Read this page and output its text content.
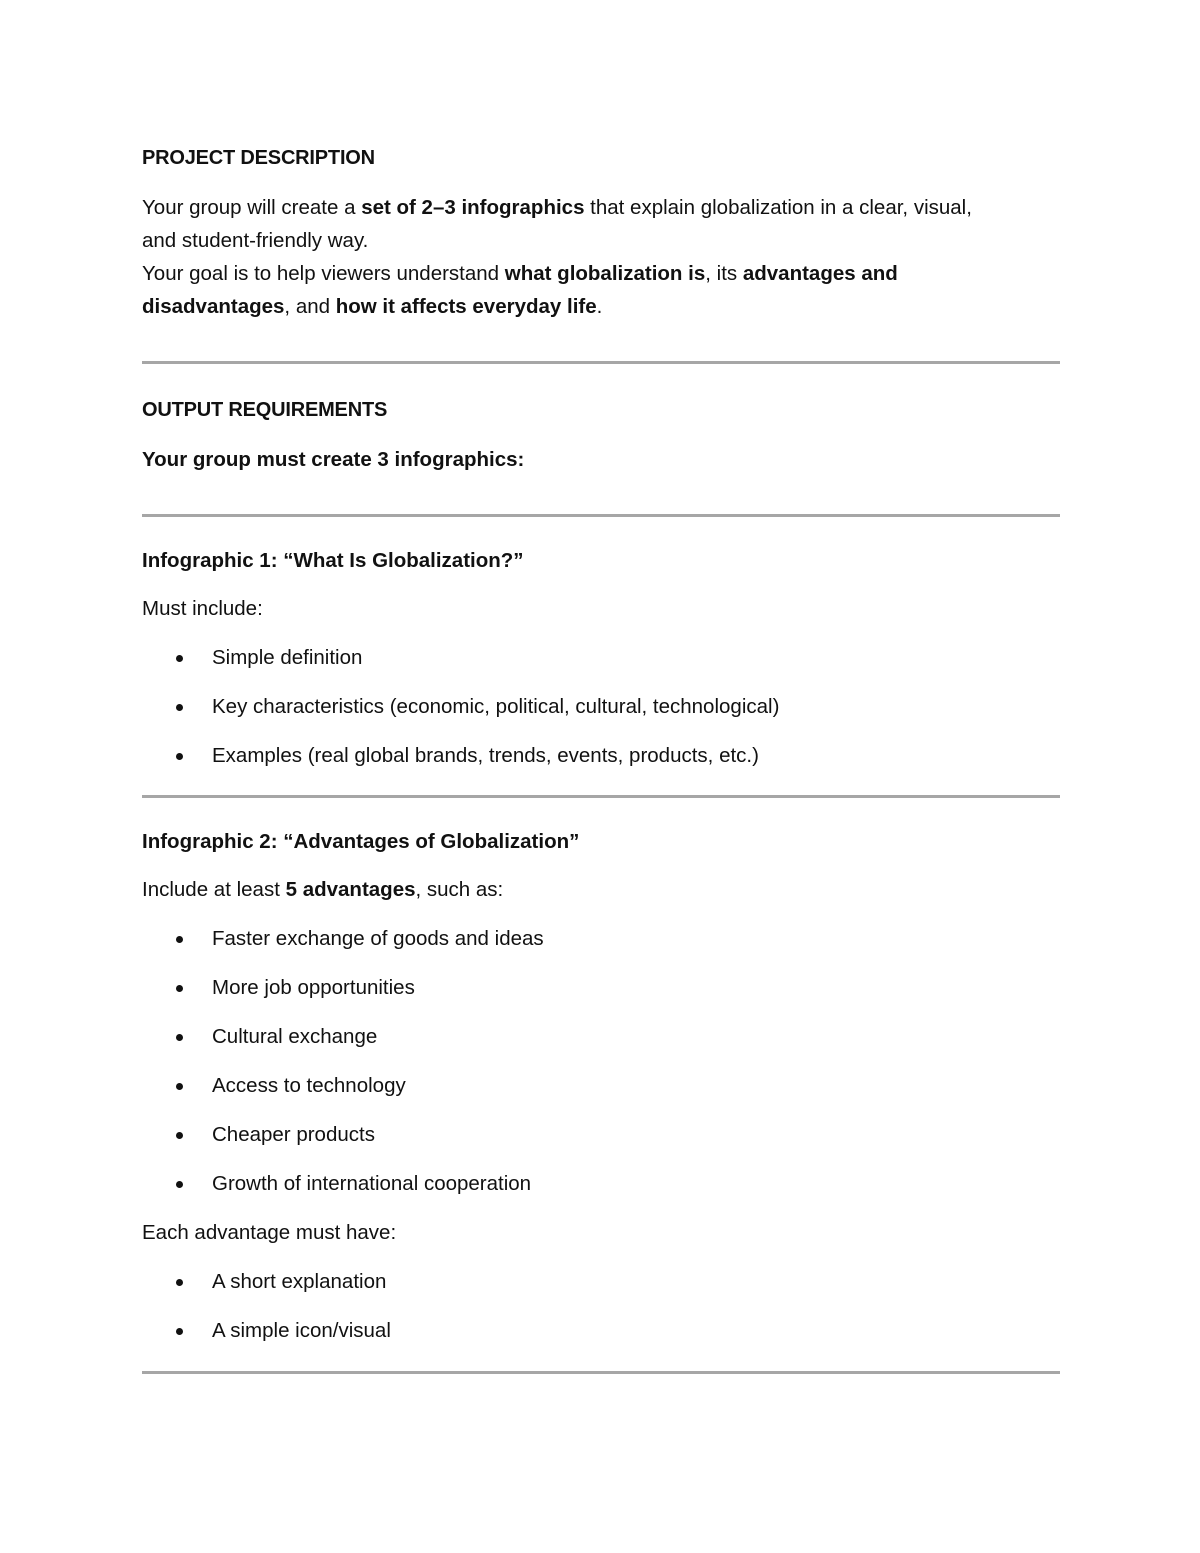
PROJECT DESCRIPTION

Your group will create a set of 2–3 infographics that explain globalization in a clear, visual,

and student-friendly way.

Your goal is to help viewers understand what globalization is, its advantages and

disadvantages, and how it affects everyday life.

OUTPUT REQUIREMENTS

Your group must create 3 infographics:

Infographic 1: “What Is Globalization?”

Must include:

Simple definition
Key characteristics (economic, political, cultural, technological)
Examples (real global brands, trends, events, products, etc.)

Infographic 2: “Advantages of Globalization”

Include at least 5 advantages, such as:

Faster exchange of goods and ideas
More job opportunities
Cultural exchange
Access to technology
Cheaper products
Growth of international cooperation

Each advantage must have:

A short explanation
A simple icon/visual
